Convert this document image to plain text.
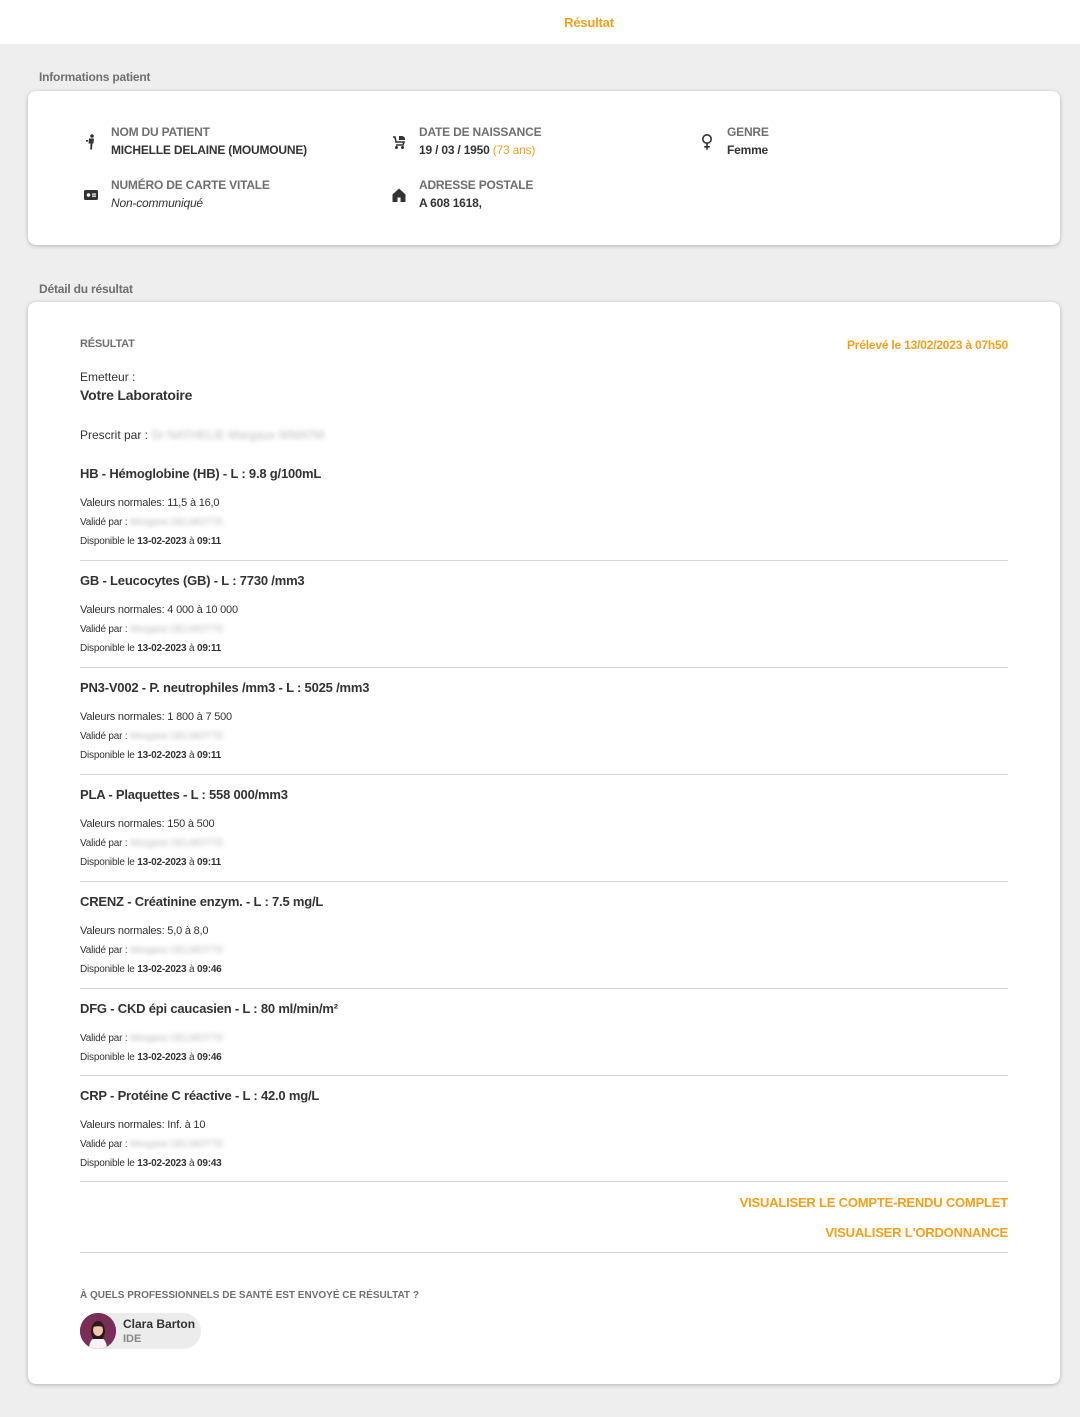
Résultat
Informations patient
NOM DU PATIENT
MICHELLE DELAINE (MOUMOUNE)
DATE DE NAISSANCE
19 / 03 / 1950 (73 ans)
GENRE
Femme
NUMÉRO DE CARTE VITALE
Non-communiqué
ADRESSE POSTALE
A 608 1618,
Détail du résultat
RÉSULTAT	Prélevé le 13/02/2023 à 07h50
Emetteur :
Votre Laboratoire
Prescrit par :
Dr NATHELIE Margaux WMATM
HB - Hémoglobine (HB) - L : 9.8 g/100mL
Valeurs normales: 11,5 à 16,0
Validé par : Morgane DELMOTTE
Disponible le 13-02-2023 à 09:11
GB - Leucocytes (GB) - L : 7730 /mm3
Valeurs normales: 4 000 à 10 000
Validé par : Morgane DELMOTTE
Disponible le 13-02-2023 à 09:11
PN3-V002 - P. neutrophiles /mm3 - L : 5025 /mm3
Valeurs normales: 1 800 à 7 500
Validé par : Morgane DELMOTTE
Disponible le 13-02-2023 à 09:11
PLA - Plaquettes - L : 558 000/mm3
Valeurs normales: 150 à 500
Validé par : Morgane DELMOTTE
Disponible le 13-02-2023 à 09:11
CRENZ - Créatinine enzym. - L : 7.5 mg/L
Valeurs normales: 5,0 à 8,0
Validé par : Morgane DELMOTTE
Disponible le 13-02-2023 à 09:46
DFG - CKD épi caucasien - L : 80 ml/min/m²
Validé par : Morgane DELMOTTE
Disponible le 13-02-2023 à 09:46
CRP - Protéine C réactive - L : 42.0 mg/L
Valeurs normales: Inf. à 10
Validé par : Morgane DELMOTTE
Disponible le 13-02-2023 à 09:43
VISUALISER LE COMPTE-RENDU COMPLET
VISUALISER L'ORDONNANCE
À QUELS PROFESSIONNELS DE SANTÉ EST ENVOYÉ CE RÉSULTAT ?
Clara Barton
IDE
